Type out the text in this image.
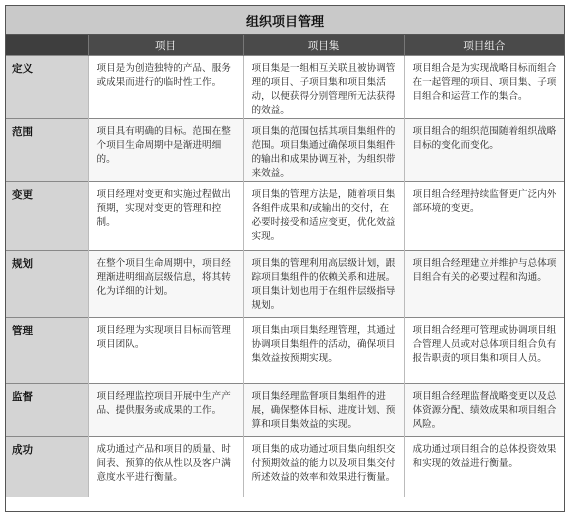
组织项目管理			
	项目	项目集	项目组合
定义	项目是为创造独特的产品、服务或成果而进行的临时性工作。	项目集是一组相互关联且被协调管理的项目、子项目集和项目集活动，以便获得分别管理所无法获得的效益。	项目组合是为实现战略目标而组合在一起管理的项目、项目集、子项目组合和运营工作的集合。
范围	项目具有明确的目标。范围在整个项目生命周期中是渐进明细的。	项目集的范围包括其项目集组件的范围。项目集通过确保项目集组件的输出和成果协调互补，为组织带来效益。	项目组合的组织范围随着组织战略目标的变化而变化。
变更	项目经理对变更和实施过程做出预期，实现对变更的管理和控制。	项目集的管理方法是，随着项目集各组件成果和/或输出的交付，在必要时接受和适应变更，优化效益实现。	项目组合经理持续监督更广泛内外部环境的变更。
规划	在整个项目生命周期中，项目经理渐进明细高层级信息，将其转化为详细的计划。	项目集的管理利用高层级计划，跟踪项目集组件的依赖关系和进展。项目集计划也用于在组件层级指导规划。	项目组合经理建立并维护与总体项目组合有关的必要过程和沟通。
管理	项目经理为实现项目目标而管理项目团队。	项目集由项目集经理管理，其通过协调项目集组件的活动，确保项目集效益按预期实现。	项目组合经理可管理或协调项目组合管理人员或对总体项目组合负有报告职责的项目集和项目人员。
监督	项目经理监控项目开展中生产产品、提供服务或成果的工作。	项目集经理监督项目集组件的进展，确保整体目标、进度计划、预算和项目集效益的实现。	项目组合经理监督战略变更以及总体资源分配、绩效成果和项目组合风险。
成功	成功通过产品和项目的质量、时间表、预算的依从性以及客户满意度水平进行衡量。	项目集的成功通过项目集向组织交付预期效益的能力以及项目集交付所述效益的效率和效果进行衡量。	成功通过项目组合的总体投资效果和实现的效益进行衡量。
